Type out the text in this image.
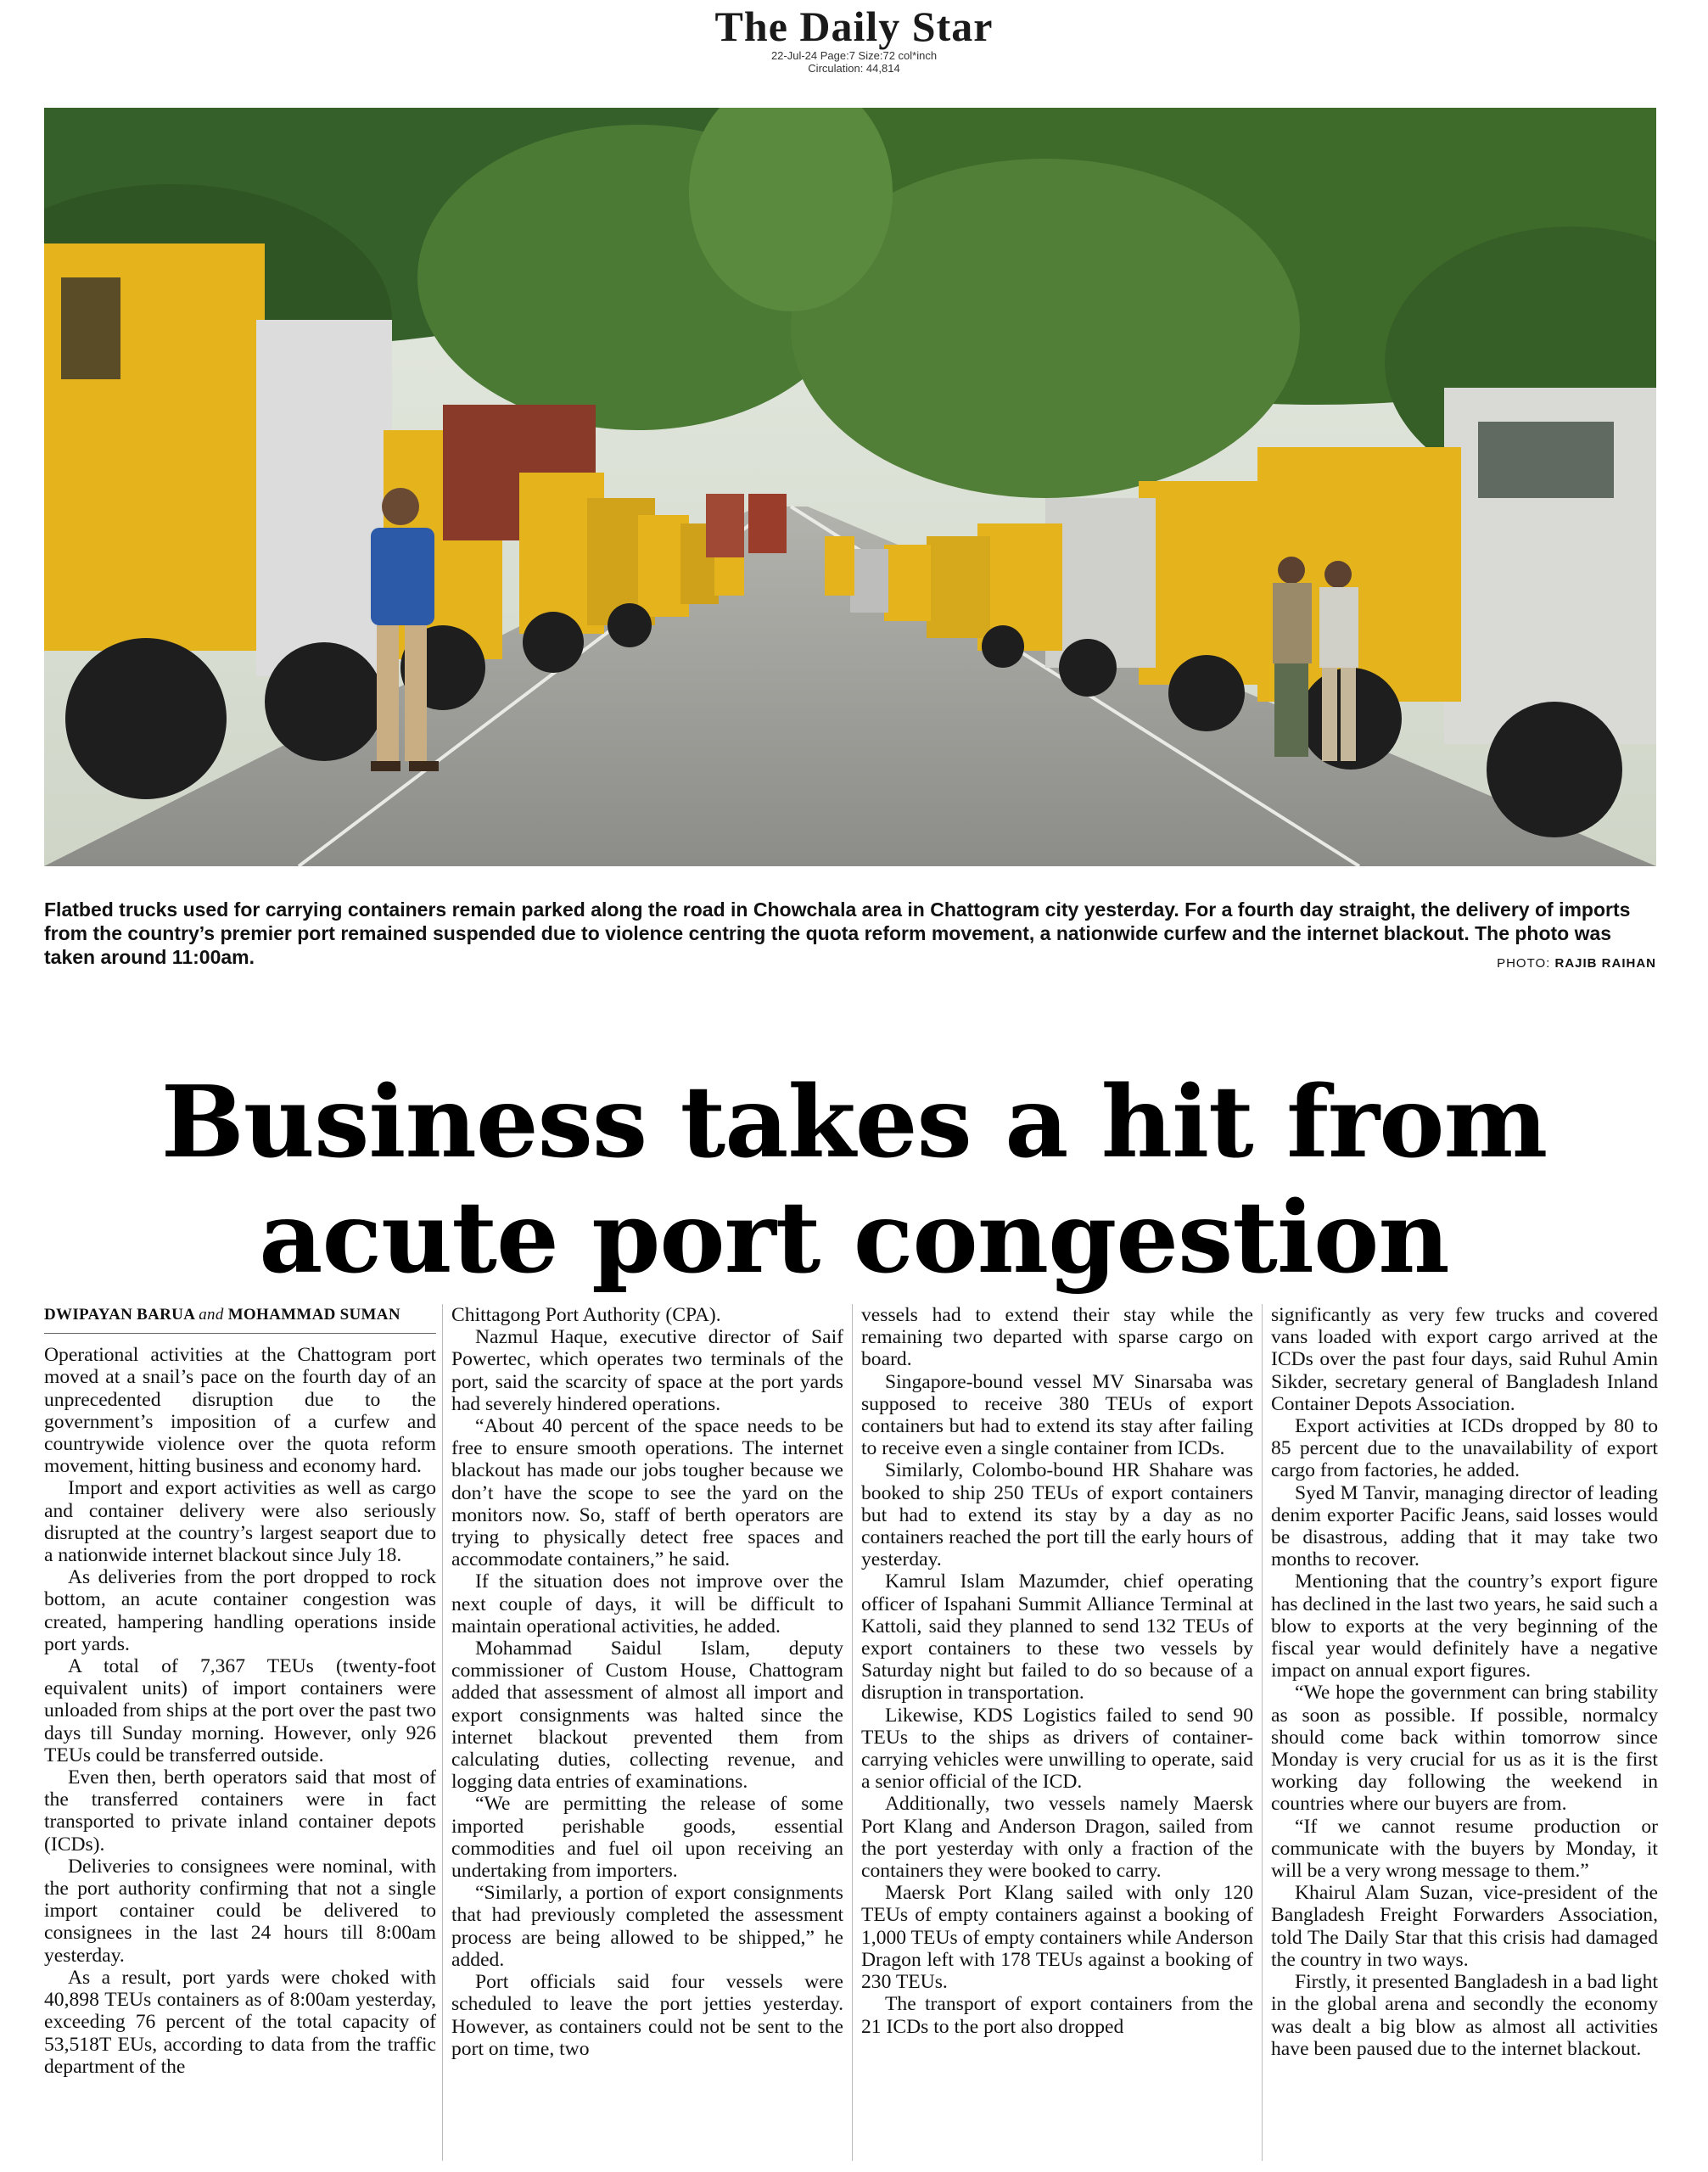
The Daily Star
22-Jul-24 Page:7 Size:72 col*inch
Circulation: 44,814
Flatbed trucks used for carrying containers remain parked along the road in Chowchala area in Chattogram city yesterday. For a fourth day straight, the delivery of imports from the country’s premier port remained suspended due to violence centring the quota reform movement, a nationwide curfew and the internet blackout. The photo was taken around 11:00am.	PHOTO: RAJIB RAIHAN
Business takes a hit from
acute port congestion
DWIPAYAN BARUA and MOHAMMAD SUMAN

Operational activities at the Chattogram port moved at a snail’s pace on the fourth day of an unprecedented disruption due to the government’s imposition of a curfew and countrywide violence over the quota reform movement, hitting business and economy hard.

Import and export activities as well as cargo and container delivery were also seriously disrupted at the country’s largest seaport due to a nationwide internet blackout since July 18.

As deliveries from the port dropped to rock bottom, an acute container congestion was created, hampering handling operations inside port yards.

A total of 7,367 TEUs (twenty-foot equivalent units) of import containers were unloaded from ships at the port over the past two days till Sunday morning. However, only 926 TEUs could be transferred outside.

Even then, berth operators said that most of the transferred containers were in fact transported to private inland container depots (ICDs).

Deliveries to consignees were nominal, with the port authority confirming that not a single import container could be delivered to consignees in the last 24 hours till 8:00am yesterday.

As a result, port yards were choked with 40,898 TEUs containers as of 8:00am yesterday, exceeding 76 percent of the total capacity of 53,518T EUs, according to data from the traffic department of the

Chittagong Port Authority (CPA).

Nazmul Haque, executive director of Saif Powertec, which operates two terminals of the port, said the scarcity of space at the port yards had severely hindered operations.

“About 40 percent of the space needs to be free to ensure smooth operations. The internet blackout has made our jobs tougher because we don’t have the scope to see the yard on the monitors now. So, staff of berth operators are trying to physically detect free spaces and accommodate containers,” he said.

If the situation does not improve over the next couple of days, it will be difficult to maintain operational activities, he added.

Mohammad Saidul Islam, deputy commissioner of Custom House, Chattogram added that assessment of almost all import and export consignments was halted since the internet blackout prevented them from calculating duties, collecting revenue, and logging data entries of examinations.

“We are permitting the release of some imported perishable goods, essential commodities and fuel oil upon receiving an undertaking from importers.

“Similarly, a portion of export consignments that had previously completed the assessment process are being allowed to be shipped,” he added.

Port officials said four vessels were scheduled to leave the port jetties yesterday. However, as containers could not be sent to the port on time, two

vessels had to extend their stay while the remaining two departed with sparse cargo on board.

Singapore-bound vessel MV Sinarsaba was supposed to receive 380 TEUs of export containers but had to extend its stay after failing to receive even a single container from ICDs.

Similarly, Colombo-bound HR Shahare was booked to ship 250 TEUs of export containers but had to extend its stay by a day as no containers reached the port till the early hours of yesterday.

Kamrul Islam Mazumder, chief operating officer of Ispahani Summit Alliance Terminal at Kattoli, said they planned to send 132 TEUs of export containers to these two vessels by Saturday night but failed to do so because of a disruption in transportation.

Likewise, KDS Logistics failed to send 90 TEUs to the ships as drivers of container-carrying vehicles were unwilling to operate, said a senior official of the ICD.

Additionally, two vessels namely Maersk Port Klang and Anderson Dragon, sailed from the port yesterday with only a fraction of the containers they were booked to carry.

Maersk Port Klang sailed with only 120 TEUs of empty containers against a booking of 1,000 TEUs of empty containers while Anderson Dragon left with 178 TEUs against a booking of 230 TEUs.

The transport of export containers from the 21 ICDs to the port also dropped

significantly as very few trucks and covered vans loaded with export cargo arrived at the ICDs over the past four days, said Ruhul Amin Sikder, secretary general of Bangladesh Inland Container Depots Association.

Export activities at ICDs dropped by 80 to 85 percent due to the unavailability of export cargo from factories, he added.

Syed M Tanvir, managing director of leading denim exporter Pacific Jeans, said losses would be disastrous, adding that it may take two months to recover.

Mentioning that the country’s export figure has declined in the last two years, he said such a blow to exports at the very beginning of the fiscal year would definitely have a negative impact on annual export figures.

“We hope the government can bring stability as soon as possible. If possible, normalcy should come back within tomorrow since Monday is very crucial for us as it is the first working day following the weekend in countries where our buyers are from.

“If we cannot resume production or communicate with the buyers by Monday, it will be a very wrong message to them.”

Khairul Alam Suzan, vice-president of the Bangladesh Freight Forwarders Association, told The Daily Star that this crisis had damaged the country in two ways.

Firstly, it presented Bangladesh in a bad light in the global arena and secondly the economy was dealt a big blow as almost all activities have been paused due to the internet blackout.
